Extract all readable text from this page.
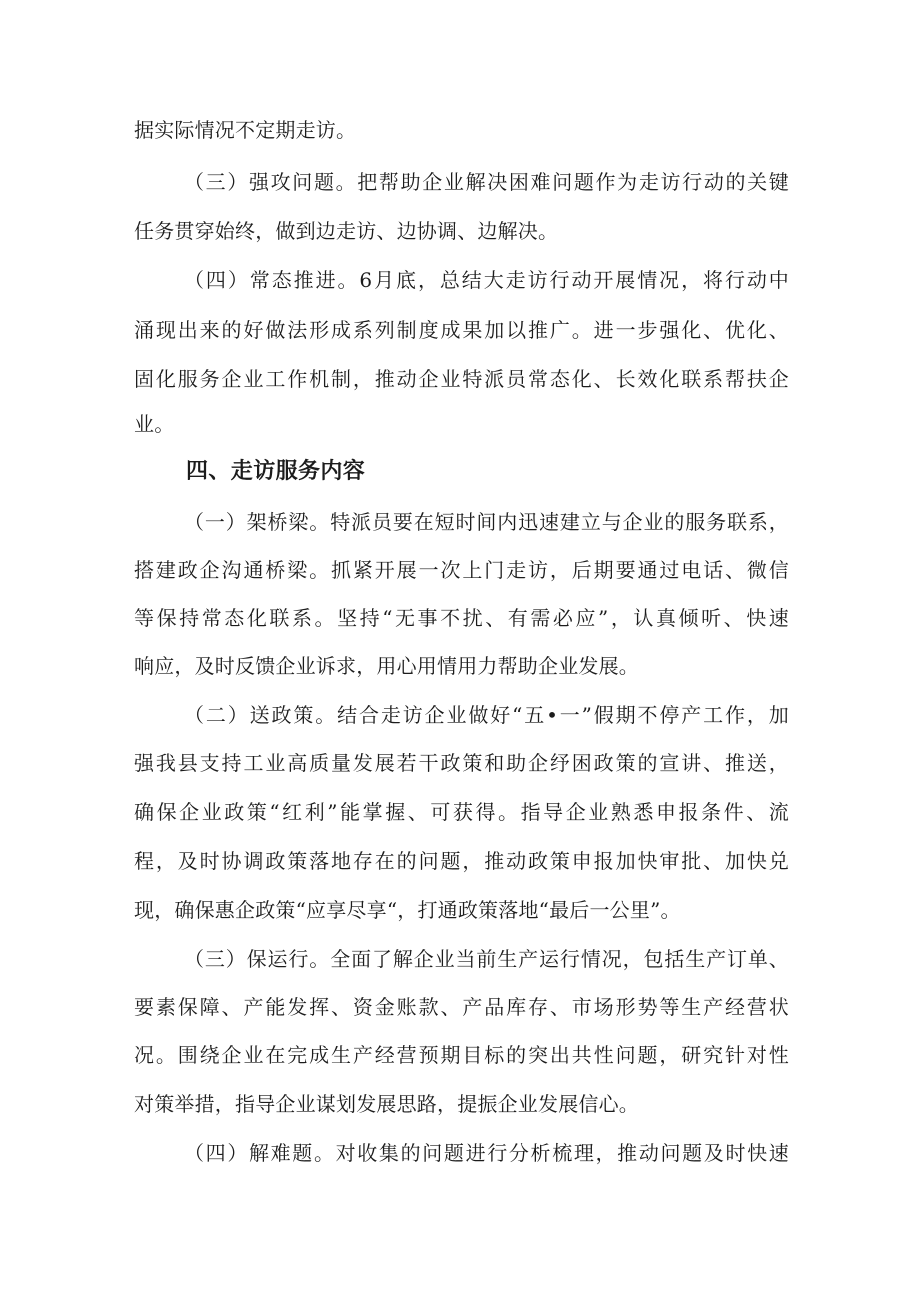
据实际情况不定期走访。
（三）强攻问题。把帮助企业解决困难问题作为走访行动的关键
任务贯穿始终，做到边走访、边协调、边解决。
（四）常态推进。6月底，总结大走访行动开展情况，将行动中
涌现出来的好做法形成系列制度成果加以推广。进一步强化、优化、
固化服务企业工作机制，推动企业特派员常态化、长效化联系帮扶企
业。
四、走访服务内容
（一）架桥梁。特派员要在短时间内迅速建立与企业的服务联系，
搭建政企沟通桥梁。抓紧开展一次上门走访，后期要通过电话、微信
等保持常态化联系。坚持“无事不扰、有需必应”，认真倾听、快速
响应，及时反馈企业诉求，用心用情用力帮助企业发展。
（二）送政策。结合走访企业做好“五•一”假期不停产工作，加
强我县支持工业高质量发展若干政策和助企纾困政策的宣讲、推送，
确保企业政策“红利”能掌握、可获得。指导企业熟悉申报条件、流
程，及时协调政策落地存在的问题，推动政策申报加快审批、加快兑
现，确保惠企政策“应享尽享“，打通政策落地“最后一公里”。
（三）保运行。全面了解企业当前生产运行情况，包括生产订单、
要素保障、产能发挥、资金账款、产品库存、市场形势等生产经营状
况。围绕企业在完成生产经营预期目标的突出共性问题，研究针对性
对策举措，指导企业谋划发展思路，提振企业发展信心。
（四）解难题。对收集的问题进行分析梳理，推动问题及时快速
